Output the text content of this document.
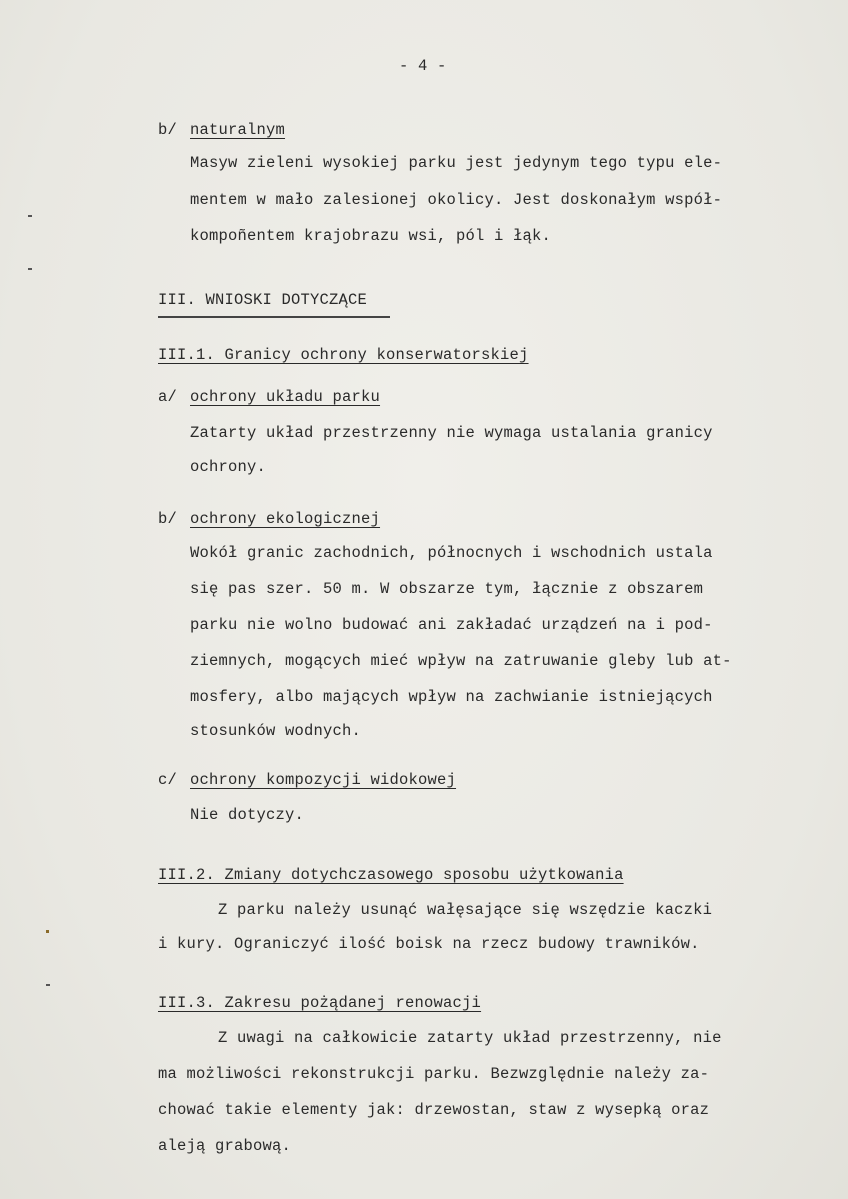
- 4 -
b/ naturalnym
Masyw zieleni wysokiej parku jest jedynym tego typu ele-
mentem w mało zalesionej okolicy. Jest doskonałym współ-
kompoñentem krajobrazu wsi, pól i łąk.
III. WNIOSKI DOTYCZĄCE
III.1. Granicy ochrony konserwatorskiej
a/ ochrony układu parku
Zatarty układ przestrzenny nie wymaga ustalania granicy
ochrony.
b/ ochrony ekologicznej
Wokół granic zachodnich, północnych i wschodnich ustala
się pas szer. 50 m. W obszarze tym, łącznie z obszarem
parku nie wolno budować ani zakładać urządzeń na i pod-
ziemnych, mogących mieć wpływ na zatruwanie gleby lub at-
mosfery, albo mających wpływ na zachwianie istniejących
stosunków wodnych.
c/ ochrony kompozycji widokowej
Nie dotyczy.
III.2. Zmiany dotychczasowego sposobu użytkowania
Z parku należy usunąć wałęsające się wszędzie kaczki
i kury. Ograniczyć ilość boisk na rzecz budowy trawników.
III.3. Zakresu pożądanej renowacji
Z uwagi na całkowicie zatarty układ przestrzenny, nie
ma możliwości rekonstrukcji parku. Bezwzględnie należy za-
chować takie elementy jak: drzewostan, staw z wysepką oraz
aleją grabową.
